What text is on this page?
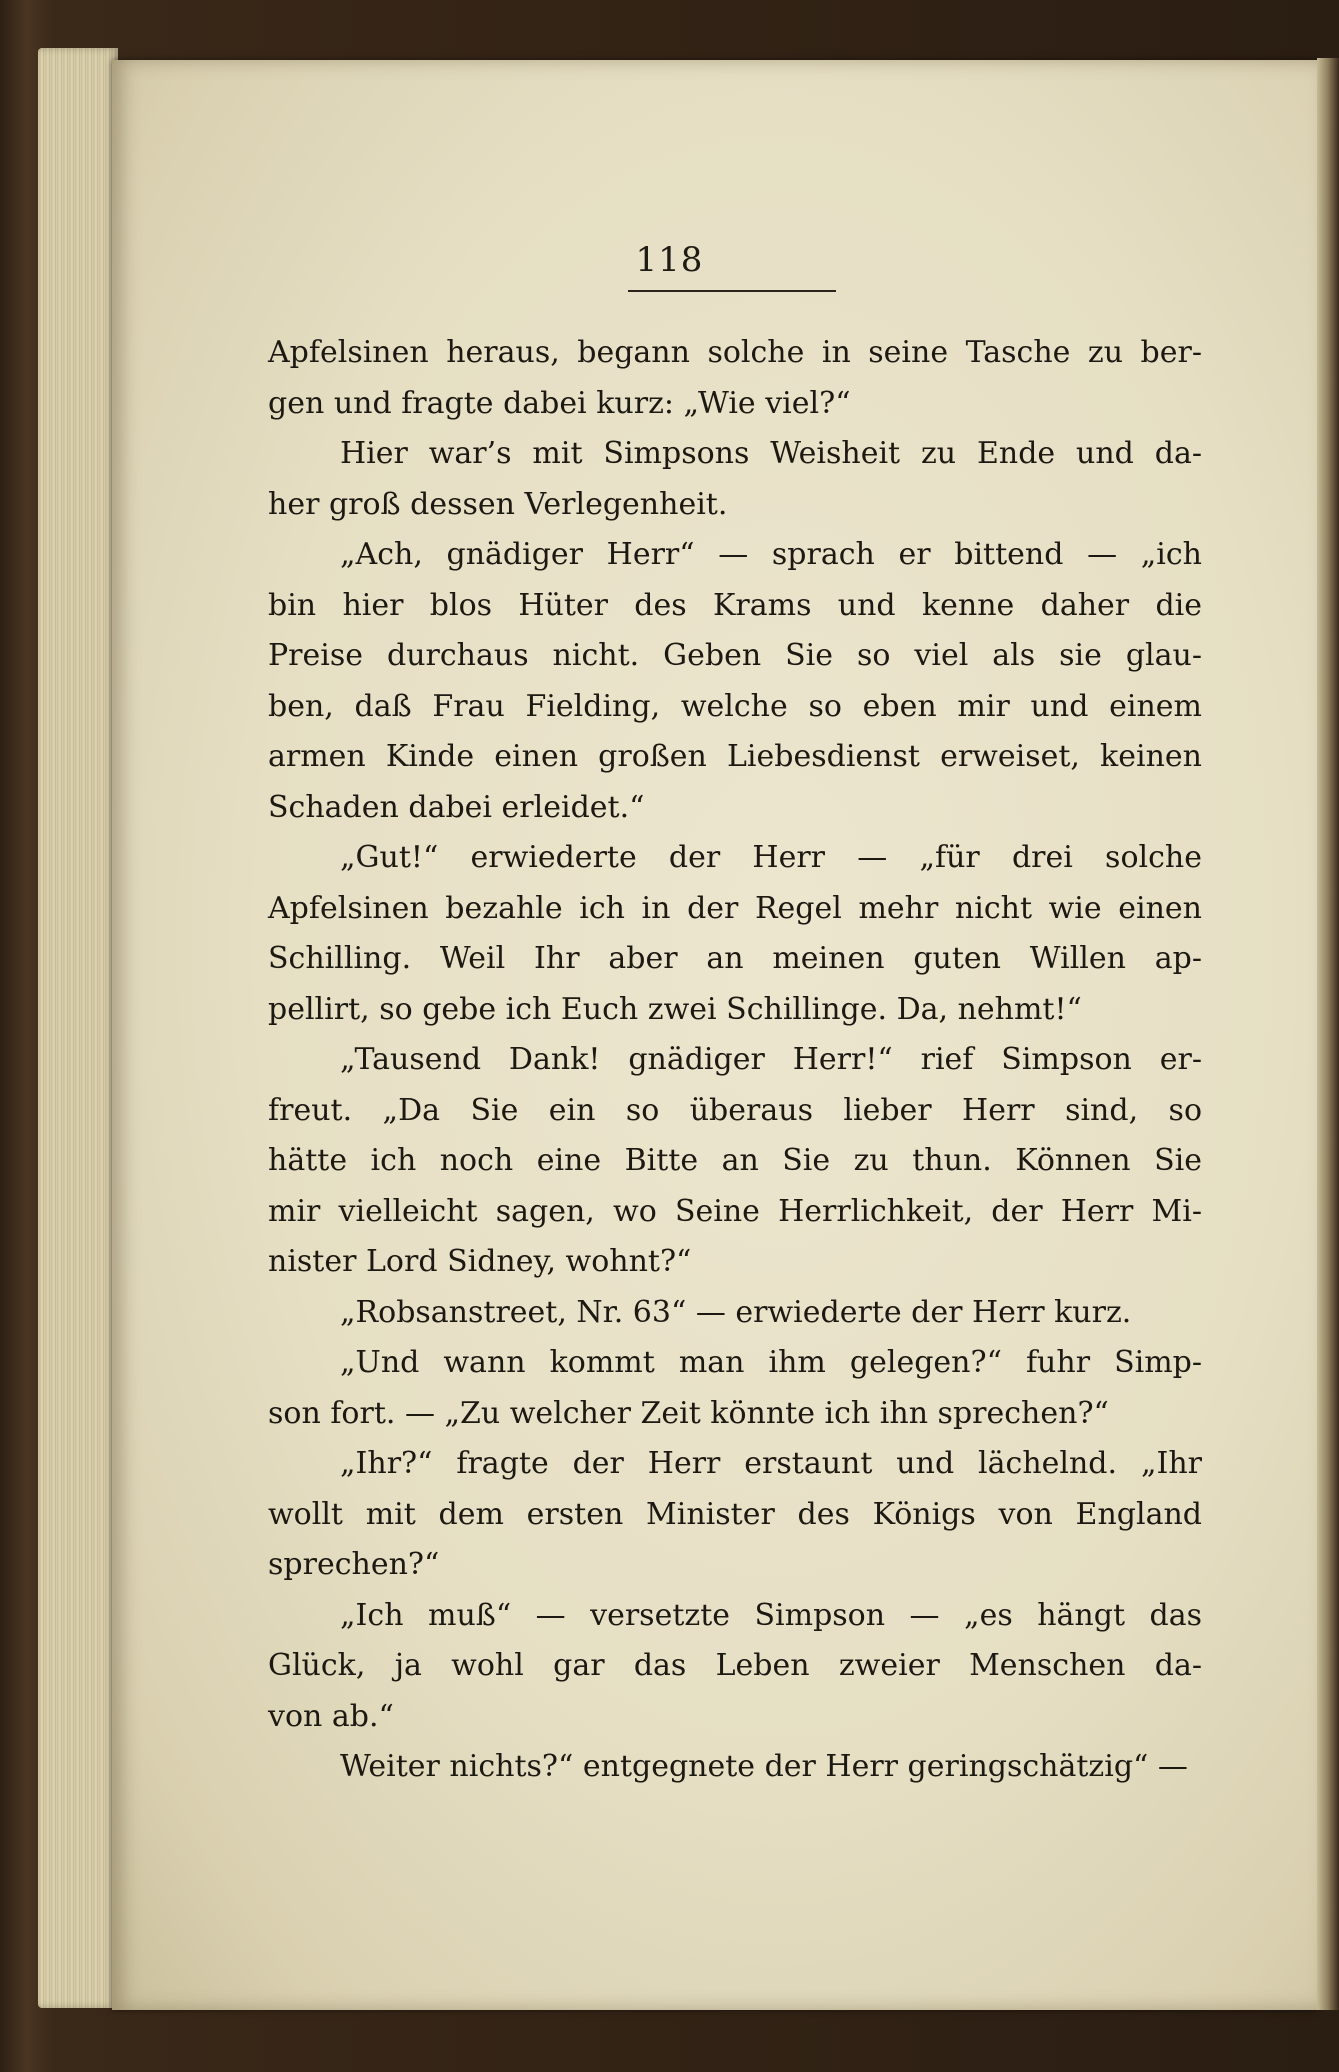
118
Apfelsinen heraus, begann solche in seine Tasche zu ber-
gen und fragte dabei kurz: „Wie viel?“
Hier war’s mit Simpsons Weisheit zu Ende und da-
her groß dessen Verlegenheit.
„Ach, gnädiger Herr“ — sprach er bittend — „ich
bin hier blos Hüter des Krams und kenne daher die
Preise durchaus nicht. Geben Sie so viel als sie glau-
ben, daß Frau Fielding, welche so eben mir und einem
armen Kinde einen großen Liebesdienst erweiset, keinen
Schaden dabei erleidet.“
„Gut!“ erwiederte der Herr — „für drei solche
Apfelsinen bezahle ich in der Regel mehr nicht wie einen
Schilling. Weil Ihr aber an meinen guten Willen ap-
pellirt, so gebe ich Euch zwei Schillinge. Da, nehmt!“
„Tausend Dank! gnädiger Herr!“ rief Simpson er-
freut. „Da Sie ein so überaus lieber Herr sind, so
hätte ich noch eine Bitte an Sie zu thun. Können Sie
mir vielleicht sagen, wo Seine Herrlichkeit, der Herr Mi-
nister Lord Sidney, wohnt?“
„Robsanstreet, Nr. 63“ — erwiederte der Herr kurz.
„Und wann kommt man ihm gelegen?“ fuhr Simp-
son fort. — „Zu welcher Zeit könnte ich ihn sprechen?“
„Ihr?“ fragte der Herr erstaunt und lächelnd. „Ihr
wollt mit dem ersten Minister des Königs von England
sprechen?“
„Ich muß“ — versetzte Simpson — „es hängt das
Glück, ja wohl gar das Leben zweier Menschen da-
von ab.“
Weiter nichts?“ entgegnete der Herr geringschätzig“ —
